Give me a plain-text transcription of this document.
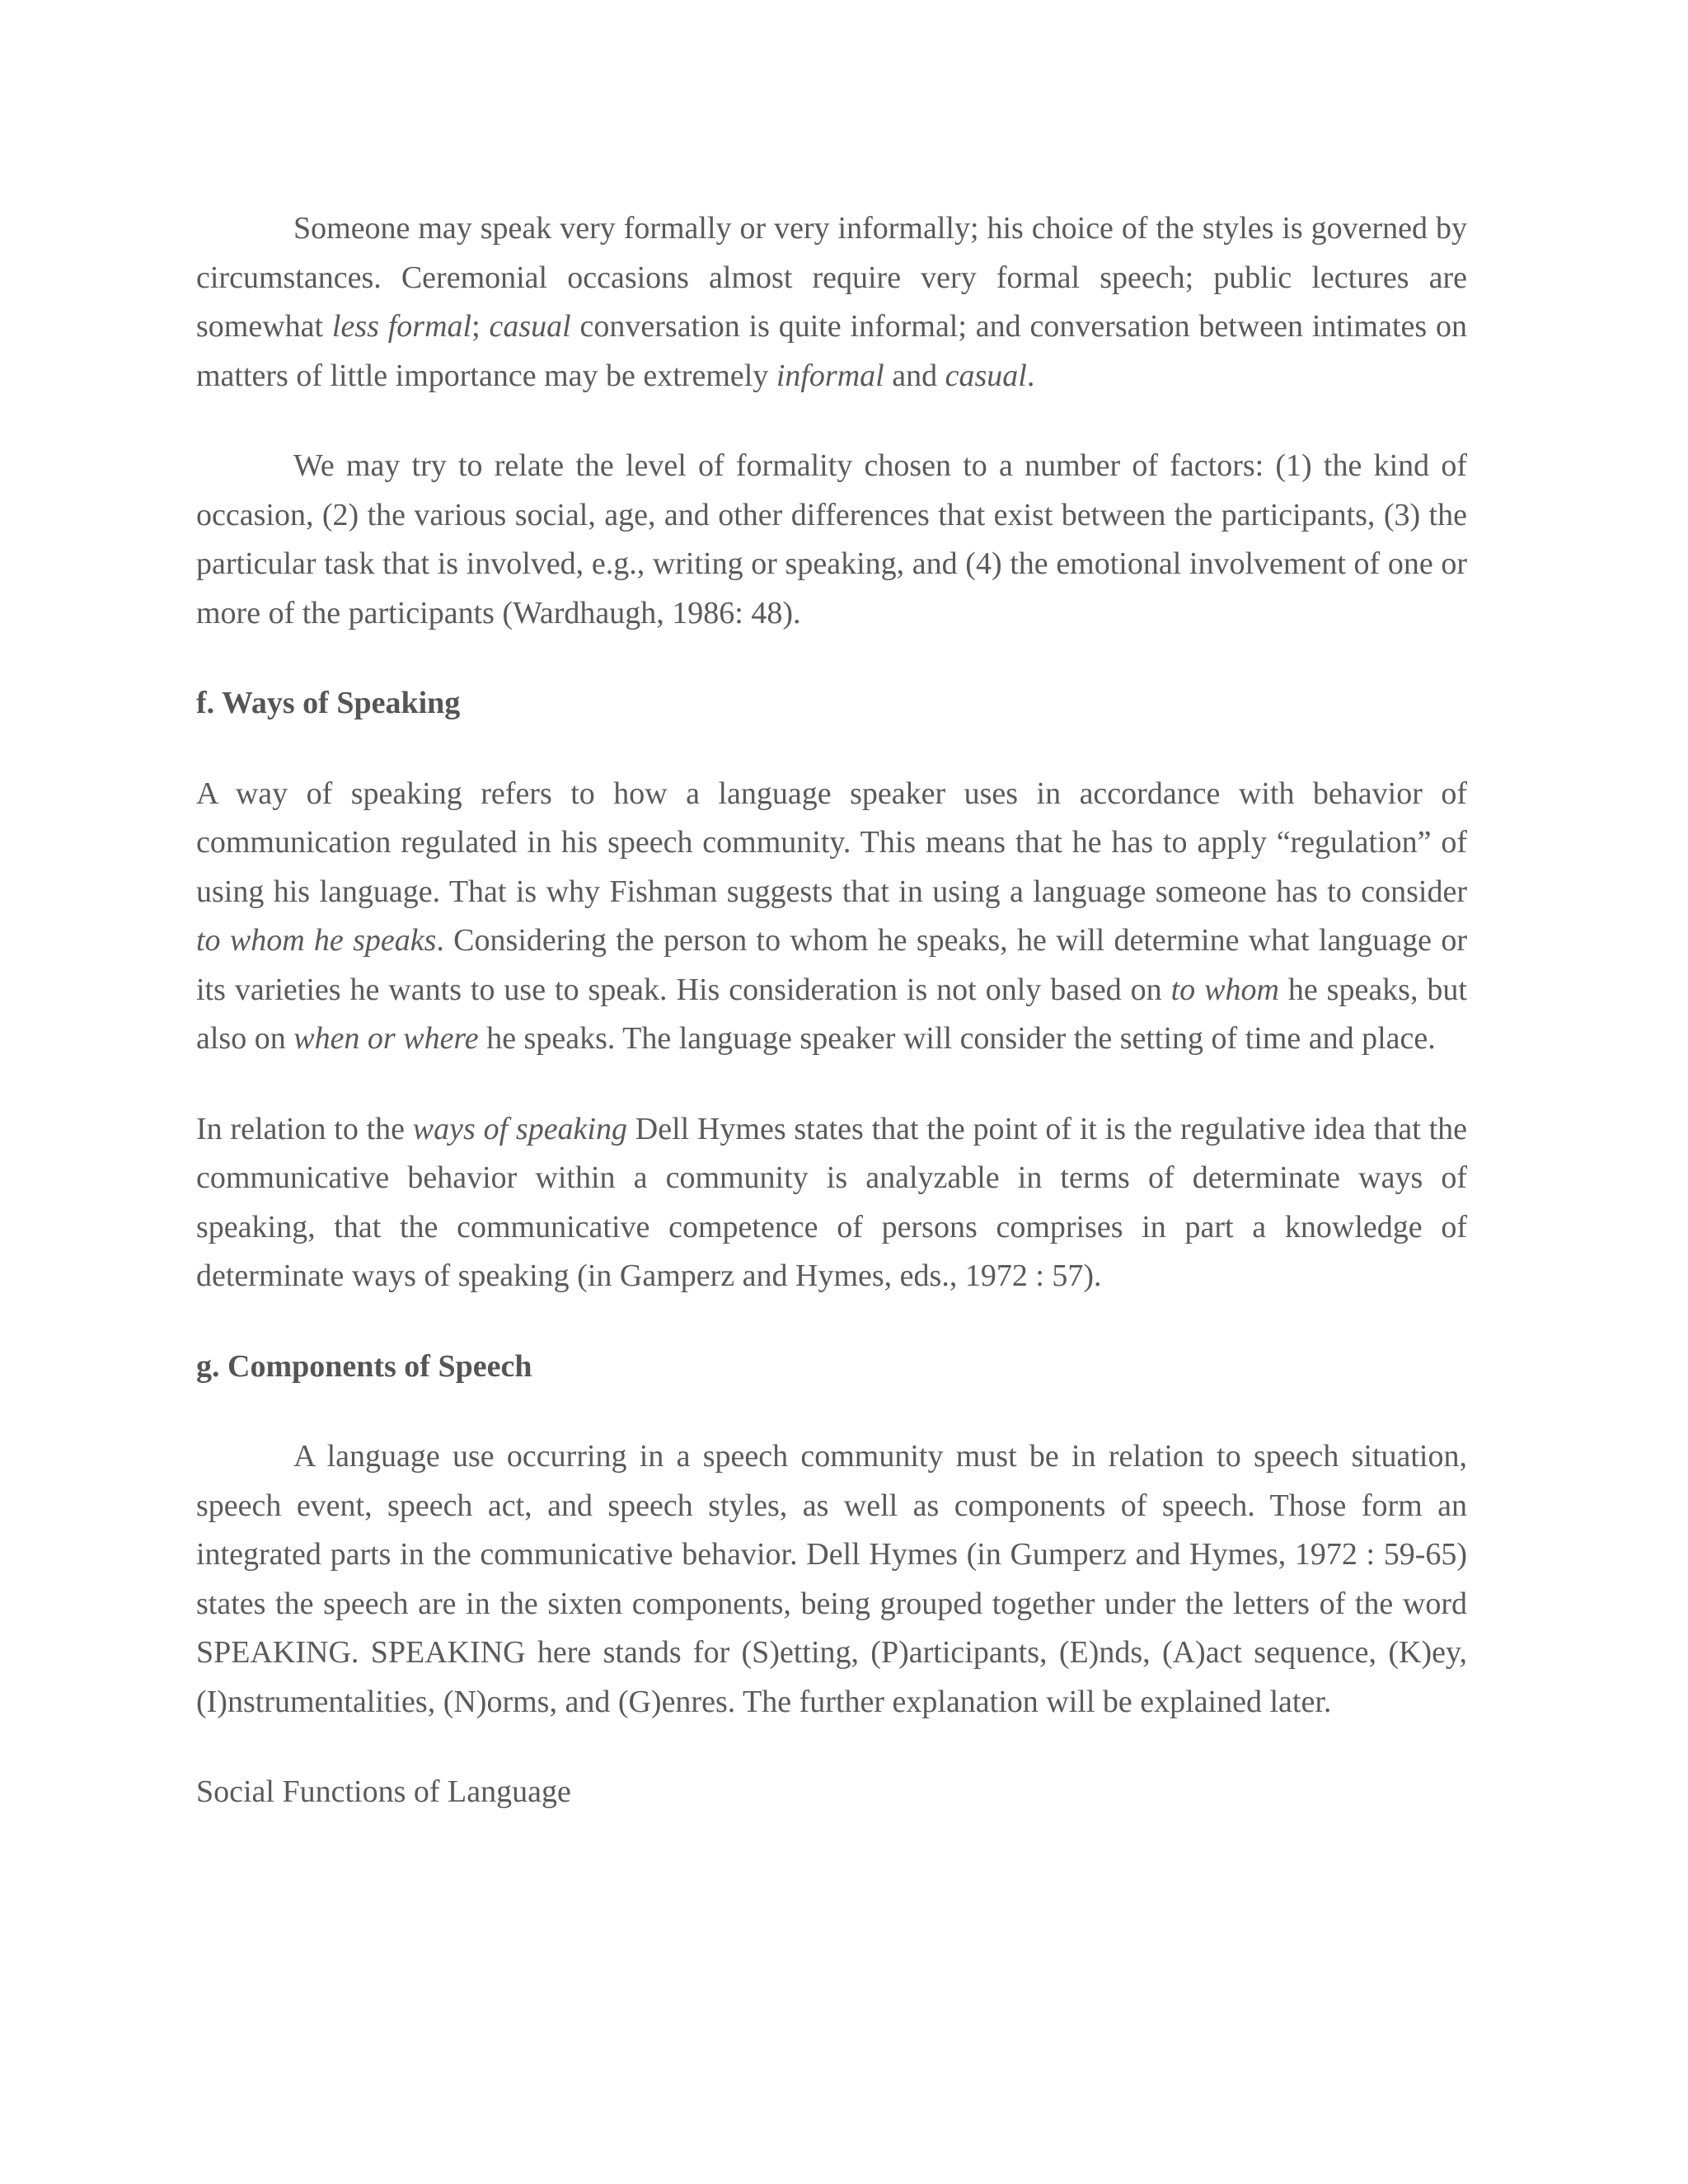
Someone may speak very formally or very informally; his choice of the styles is governed by circumstances. Ceremonial occasions almost require very formal speech; public lectures are somewhat less formal; casual conversation is quite informal; and conversation between intimates on matters of little importance may be extremely informal and casual.

We may try to relate the level of formality chosen to a number of factors: (1) the kind of occasion, (2) the various social, age, and other differences that exist between the participants, (3) the particular task that is involved, e.g., writing or speaking, and (4) the emotional involvement of one or more of the participants (Wardhaugh, 1986: 48).

f. Ways of Speaking

A way of speaking refers to how a language speaker uses in accordance with behavior of communication regulated in his speech community. This means that he has to apply “regulation” of using his language. That is why Fishman suggests that in using a language someone has to consider to whom he speaks. Considering the person to whom he speaks, he will determine what language or its varieties he wants to use to speak. His consideration is not only based on to whom he speaks, but also on when or where he speaks. The language speaker will consider the setting of time and place.

In relation to the ways of speaking Dell Hymes states that the point of it is the regulative idea that the communicative behavior within a community is analyzable in terms of determinate ways of speaking, that the communicative competence of persons comprises in part a knowledge of determinate ways of speaking (in Gamperz and Hymes, eds., 1972 : 57).

g. Components of Speech

A language use occurring in a speech community must be in relation to speech situation, speech event, speech act, and speech styles, as well as components of speech. Those form an integrated parts in the communicative behavior. Dell Hymes (in Gumperz and Hymes, 1972 : 59-65) states the speech are in the sixten components, being grouped together under the letters of the word SPEAKING. SPEAKING here stands for (S)etting, (P)articipants, (E)nds, (A)act sequence, (K)ey, (I)nstrumentalities, (N)orms, and (G)enres. The further explanation will be explained later.

Social Functions of Language
